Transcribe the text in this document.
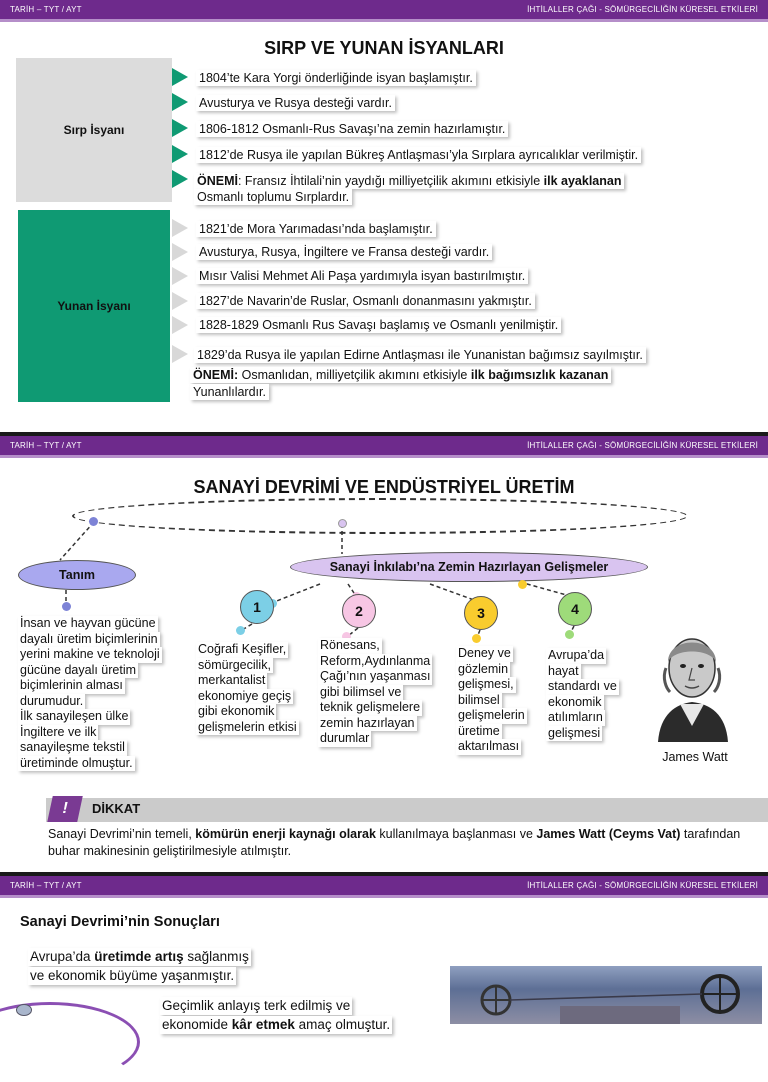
TARİH – TYT / AYT	İHTİLALLER ÇAĞI - SÖMÜRGECİLİĞİN KÜRESEL ETKİLERİ
SIRP VE YUNAN İSYANLARI
Sırp İsyanı
Yunan İsyanı
1804’te Kara Yorgi önderliğinde isyan başlamıştır.
Avusturya ve Rusya desteği vardır.
1806-1812 Osmanlı-Rus Savaşı’na zemin hazırlamıştır.
1812’de Rusya ile yapılan Bükreş Antlaşması’yla Sırplara ayrıcalıklar verilmiştir.
ÖNEMİ: Fransız İhtilali’nin yaydığı milliyetçilik akımını etkisiyle ilk ayaklanan
Osmanlı toplumu Sırplardır.
1821’de Mora Yarımadası’nda başlamıştır.
Avusturya, Rusya, İngiltere ve Fransa desteği vardır.
Mısır Valisi Mehmet Ali Paşa yardımıyla isyan bastırılmıştır.
1827’de Navarin’de Ruslar, Osmanlı donanmasını yakmıştır.
1828-1829 Osmanlı Rus Savaşı başlamış ve Osmanlı yenilmiştir.
1829’da Rusya ile yapılan Edirne Antlaşması ile Yunanistan bağımsız sayılmıştır.
ÖNEMİ: Osmanlıdan, milliyetçilik akımını etkisiyle ilk bağımsızlık kazanan
Yunanlılardır.
TARİH – TYT / AYT	İHTİLALLER ÇAĞI - SÖMÜRGECİLİĞİN KÜRESEL ETKİLERİ
SANAYİ DEVRİMİ VE ENDÜSTRİYEL ÜRETİM
Tanım
Sanayi İnkılabı’na Zemin Hazırlayan Gelişmeler
1	2	3	4
İnsan ve hayvan gücüne
dayalı üretim biçimlerinin
yerini makine ve teknoloji
gücüne dayalı üretim
biçimlerinin alması
durumudur.
İlk sanayileşen ülke
İngiltere ve ilk
sanayileşme tekstil
üretiminde olmuştur.
Coğrafi Keşifler,
sömürgecilik,
merkantalist
ekonomiye geçiş
gibi ekonomik
gelişmelerin etkisi
Rönesans,
Reform,Aydınlanma
Çağı’nın yaşanması
gibi bilimsel ve
teknik gelişmelere
zemin hazırlayan
durumlar
Deney ve
gözlemin
gelişmesi,
bilimsel
gelişmelerin
üretime
aktarılması
Avrupa’da
hayat
standardı ve
ekonomik
atılımların
gelişmesi
James Watt
! DİKKAT
Sanayi Devrimi’nin temeli, kömürün enerji kaynağı olarak kullanılmaya başlanması ve James Watt (Ceyms Vat) tarafından buhar makinesinin geliştirilmesiyle atılmıştır.
TARİH – TYT / AYT	İHTİLALLER ÇAĞI - SÖMÜRGECİLİĞİN KÜRESEL ETKİLERİ
Sanayi Devrimi’nin Sonuçları
Avrupa’da üretimde artış sağlanmış
ve ekonomik büyüme yaşanmıştır.
Geçimlik anlayış terk edilmiş ve
ekonomide kâr etmek amaç olmuştur.
